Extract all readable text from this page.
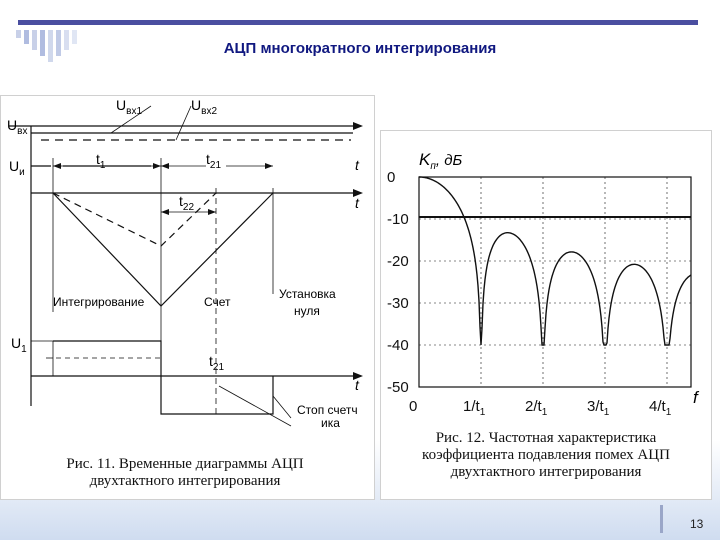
АЦП многократного интегрирования
$U_{вх}$
$U_{вх1}$	$U_{вх2}$
$U_и$
$t_1$	$t_{21}$
$t_{22}$
t
t
t
Интегрирование	Счет
Установка
нуля
$U_1$
$t_{21}$
Стоп счетч
ика
Рис. 11. Временные диаграммы АЦП
двухтактного интегрирования
0
-10
-20
-30
-40
-50
0	$1/t_1$	$2/t_1$	$3/t_1$	$4/t_1$
$K_п$, дБ
f
Рис. 12. Частотная характеристика
коэффициента подавления помех АЦП
двухтактного интегрирования
13
